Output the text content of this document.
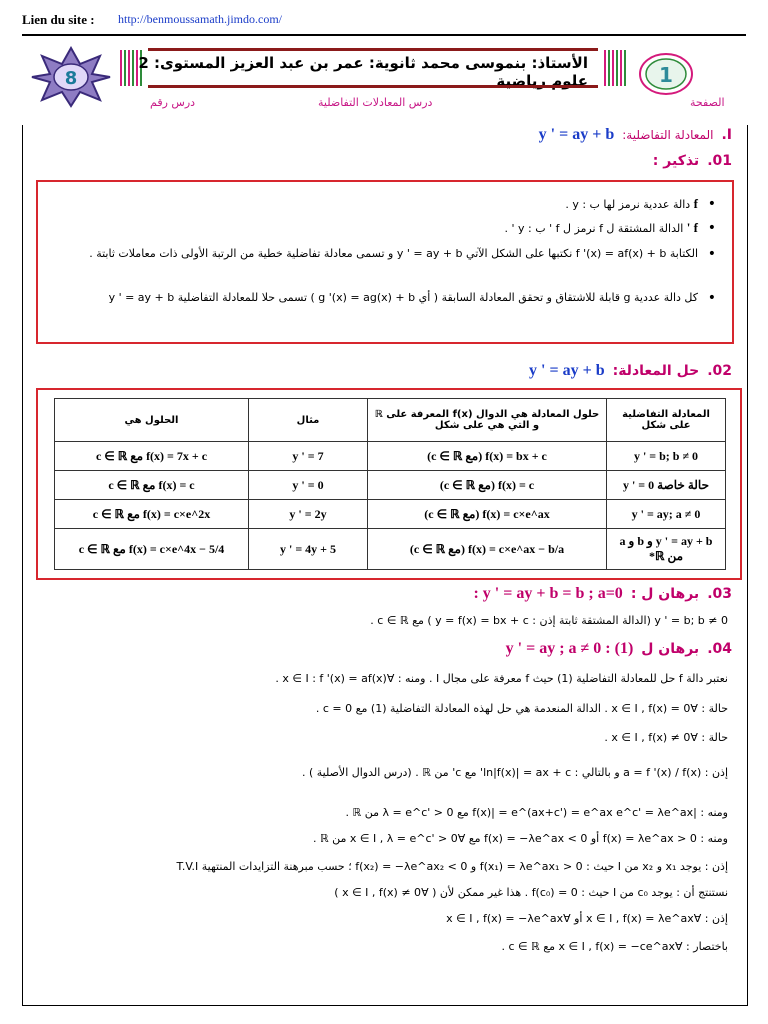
Lien du site : http://benmoussamath.jimdo.com/
8
الأستاذ: بنموسى محمد ثانوية: عمر بن عبد العزيز المستوى: 2 علوم رياضية	1
درس رقم	درس المعادلات التفاضلية	الصفحة
I.
المعادلة التفاضلية:
y ' = ay + b
01.
تذكير :
• f دالة عددية نرمز لها ب : y .
• f ' الدالة المشتقة ل f نرمز ل f ' ب : y ' .
• الكتابة f '(x) = af(x) + b نكتبها على الشكل الآتي y ' = ay + b و تسمى معادلة تفاضلية خطية من الرتبة الأولى ذات معاملات ثابتة .
• كل دالة عددية g قابلة للاشتقاق و تحقق المعادلة السابقة ( أي g '(x) = ag(x) + b ) تسمى حلا للمعادلة التفاضلية y ' = ay + b
02.
حل المعادلة:
y ' = ay + b
المعادلة التفاضلية على شكل	حلول المعادلة هي الدوال f(x) المعرفة على ℝ و التي هي على شكل	مثال	الحلول هي
y ' = b; b ≠ 0	f(x) = bx + c (مع c ∈ ℝ)	y ' = 7	f(x) = 7x + c مع c ∈ ℝ
حالة خاصة y ' = 0	f(x) = c (مع c ∈ ℝ)	y ' = 0	f(x) = c مع c ∈ ℝ
y ' = ay; a ≠ 0	f(x) = c×e^ax (مع c ∈ ℝ)	y ' = 2y	f(x) = c×e^2x مع c ∈ ℝ
y ' = ay + b و b و a من ℝ*	f(x) = c×e^ax − b/a (مع c ∈ ℝ)	y ' = 4y + 5	f(x) = c×e^4x − 5/4 مع c ∈ ℝ
03.
برهان ل :
y ' = ay + b = b ; a=0 :
y ' = b; b ≠ 0 (الدالة المشتقة ثابتة إذن : y = f(x) = bx + c ) مع c ∈ ℝ .
04.
برهان ل
y ' = ay ; a ≠ 0 : (1)
نعتبر دالة f حل للمعادلة التفاضلية (1) حيث f معرفة على مجال I . ومنه : ∀x ∈ I : f '(x) = af(x) .
حالة : ∀x ∈ I , f(x) = 0 . الدالة المنعدمة هي حل لهذه المعادلة التفاضلية (1) مع c = 0 .
حالة : ∀x ∈ I , f(x) ≠ 0 .
إذن : a = f '(x) / f(x) و بالتالي : ln|f(x)| = ax + c' مع c' من ℝ . (درس الدوال الأصلية ) .
ومنه : |f(x)| = e^(ax+c') = e^ax e^c' = λe^ax مع λ = e^c' > 0 من ℝ .
ومنه : f(x) = λe^ax > 0 أو f(x) = −λe^ax < 0 مع ∀x ∈ I , λ = e^c' > 0 من ℝ .
إذن : يوجد x₁ و x₂ من I حيث : f(x₁) = λe^ax₁ > 0 و f(x₂) = −λe^ax₂ < 0 ؛ حسب مبرهنة التزايدات المنتهية T.V.I
نستنتج أن : يوجد c₀ من I حيث : f(c₀) = 0 . هذا غير ممكن لأن ( ∀x ∈ I , f(x) ≠ 0 )
إذن : ∀x ∈ I , f(x) = λe^ax أو ∀x ∈ I , f(x) = −λe^ax
باختصار : ∀x ∈ I , f(x) = −ce^ax مع c ∈ ℝ .
